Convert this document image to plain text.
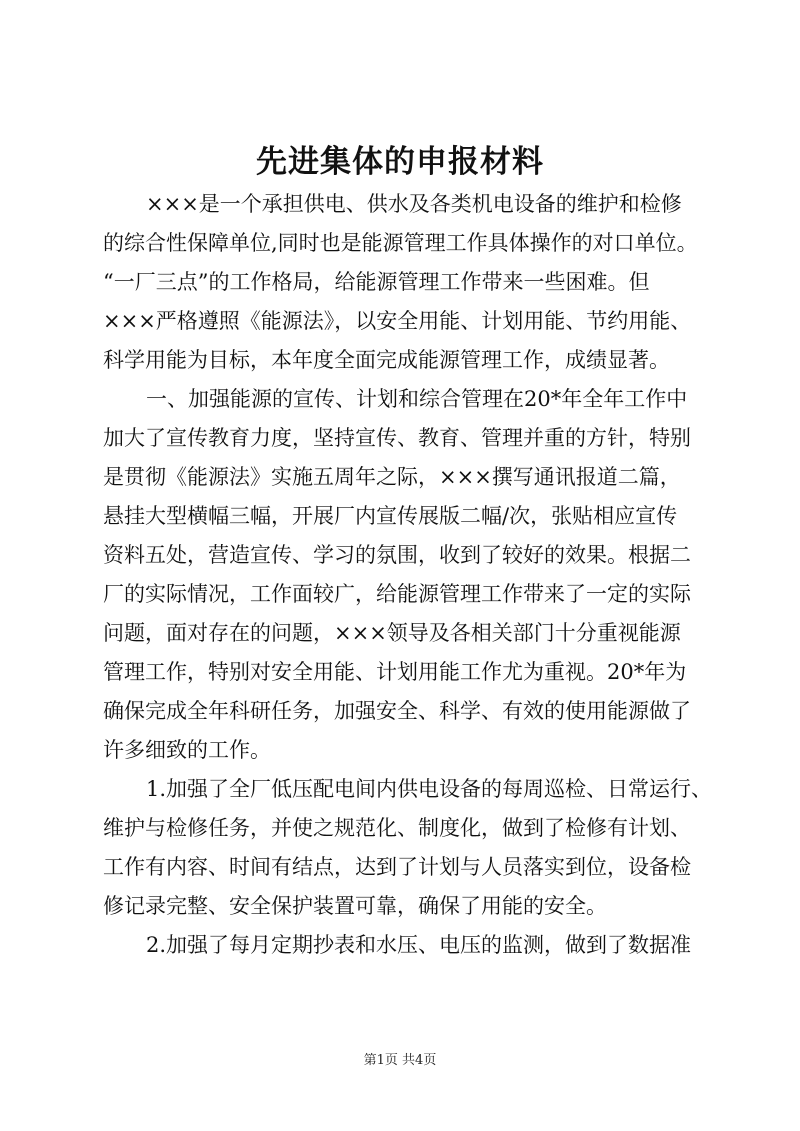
先进集体的申报材料
×××是一个承担供电、供水及各类机电设备的维护和检修
的综合性保障单位,同时也是能源管理工作具体操作的对口单位。
“一厂三点”的工作格局，给能源管理工作带来一些困难。但
×××严格遵照《能源法》，以安全用能、计划用能、节约用能、
科学用能为目标，本年度全面完成能源管理工作，成绩显著。
一、加强能源的宣传、计划和综合管理在20*年全年工作中
加大了宣传教育力度，坚持宣传、教育、管理并重的方针，特别
是贯彻《能源法》实施五周年之际，×××撰写通讯报道二篇，
悬挂大型横幅三幅，开展厂内宣传展版二幅/次，张贴相应宣传
资料五处，营造宣传、学习的氛围，收到了较好的效果。根据二
厂的实际情况，工作面较广，给能源管理工作带来了一定的实际
问题，面对存在的问题，×××领导及各相关部门十分重视能源
管理工作，特别对安全用能、计划用能工作尤为重视。20*年为
确保完成全年科研任务，加强安全、科学、有效的使用能源做了
许多细致的工作。
1.加强了全厂低压配电间内供电设备的每周巡检、日常运行、
维护与检修任务，并使之规范化、制度化，做到了检修有计划、
工作有内容、时间有结点，达到了计划与人员落实到位，设备检
修记录完整、安全保护装置可靠，确保了用能的安全。
2.加强了每月定期抄表和水压、电压的监测，做到了数据准
第1页 共4页
